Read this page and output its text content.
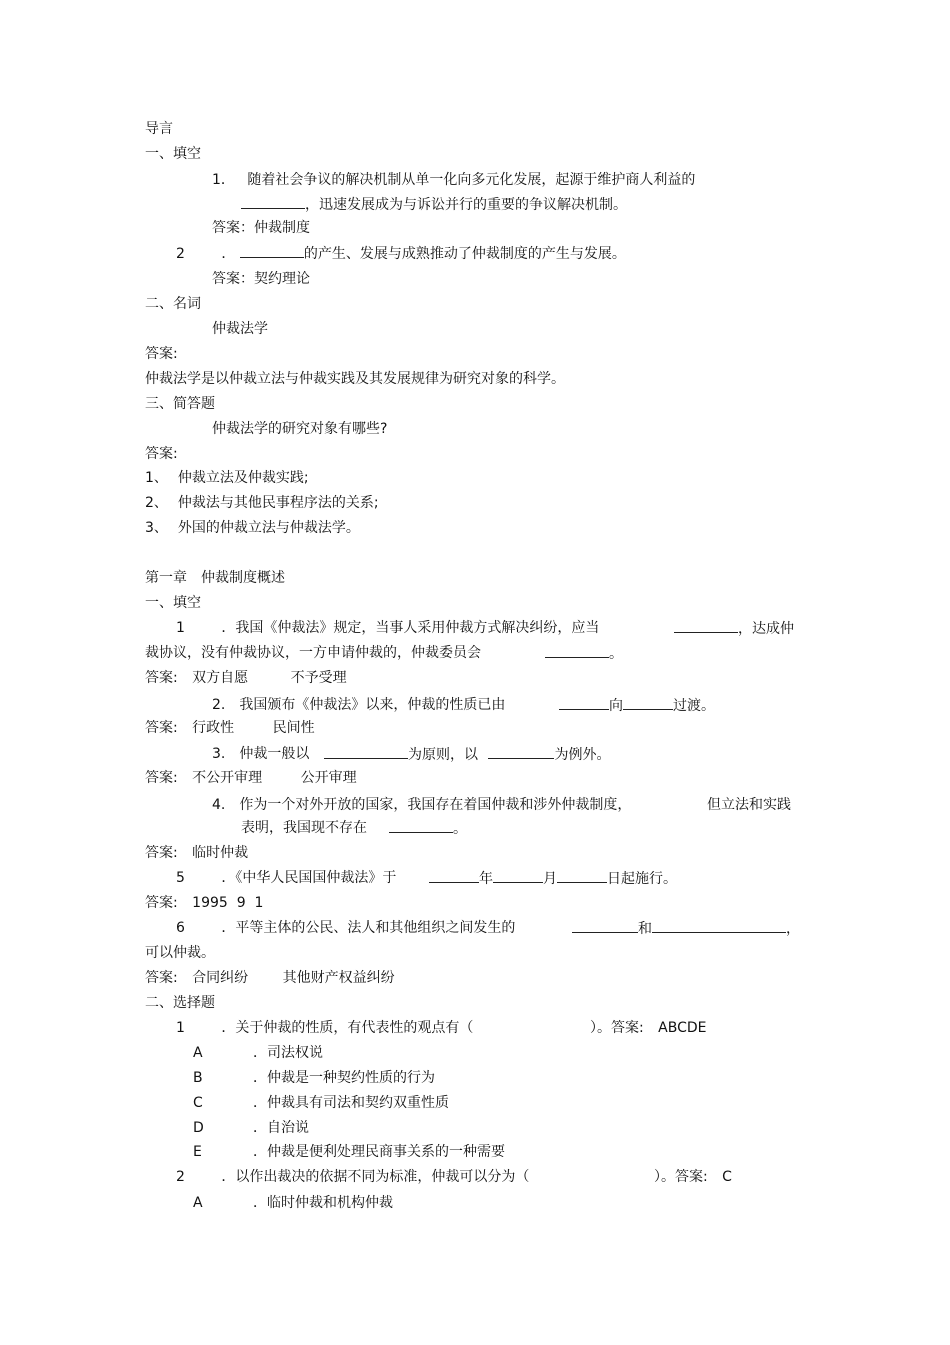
导言
一、填空
1． 随着社会争议的解决机制从单一化向多元化发展，起源于维护商人利益的
，迅速发展成为与诉讼并行的重要的争议解决机制。
答案：仲裁制度
2	．	的产生、发展与成熟推动了仲裁制度的产生与发展。
答案：契约理论
二、名词
仲裁法学
答案:
仲裁法学是以仲裁立法与仲裁实践及其发展规律为研究对象的科学。
三、简答题
仲裁法学的研究对象有哪些?
答案:
1、 仲裁立法及仲裁实践;
2、 仲裁法与其他民事程序法的关系;
3、 外国的仲裁立法与仲裁法学。
第一章　仲裁制度概述
一、填空
1	．我国《仲裁法》规定，当事人采用仲裁方式解决纠纷，应当	，达成仲
裁协议，没有仲裁协议，一方申请仲裁的，仲裁委员会	。
答案: 双方自愿	不予受理
2.　我国颁布《仲裁法》以来，仲裁的性质已由	向	过渡。
答案: 行政性	民间性
3.　仲裁一般以	为原则，以	为例外。
答案: 不公开审理	公开审理
4.　作为一个对外开放的国家，我国存在着国仲裁和涉外仲裁制度，	但立法和实践
表明，我国现不存在	。
答案: 临时仲裁
5	．《中华人民国国仲裁法》于	年	月	日起施行。
答案: 1995  9  1
6	．平等主体的公民、法人和其他组织之间发生的	和	，
可以仲裁。
答案: 合同纠纷 其他财产权益纠纷
二、选择题
1	．关于仲裁的性质，有代表性的观点有（	）。答案: ABCDE
A	．司法权说
B	．仲裁是一种契约性质的行为
C	．仲裁具有司法和契约双重性质
D	．自治说
E	．仲裁是便利处理民商事关系的一种需要
2	．以作出裁决的依据不同为标准，仲裁可以分为（	）。答案: C
A	．临时仲裁和机构仲裁
